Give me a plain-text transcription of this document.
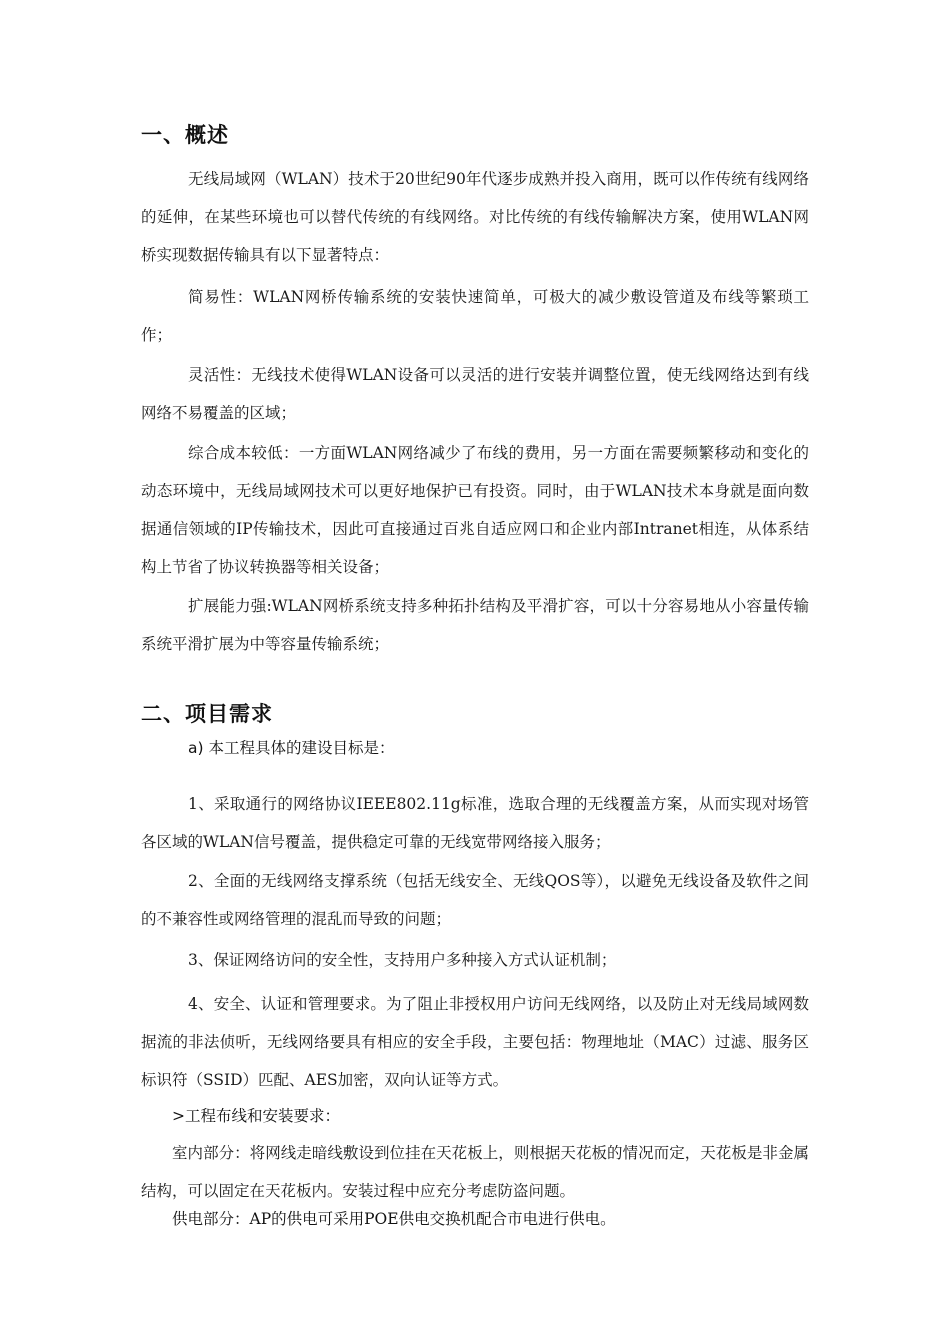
一、概述

无线局域网（WLAN）技术于20世纪90年代逐步成熟并投入商用，既可以作传统有线网络的延伸，在某些环境也可以替代传统的有线网络。对比传统的有线传输解决方案，使用WLAN网桥实现数据传输具有以下显著特点：

简易性：WLAN网桥传输系统的安装快速简单，可极大的减少敷设管道及布线等繁琐工作；

灵活性：无线技术使得WLAN设备可以灵活的进行安装并调整位置，使无线网络达到有线网络不易覆盖的区域；

综合成本较低：一方面WLAN网络减少了布线的费用，另一方面在需要频繁移动和变化的动态环境中，无线局域网技术可以更好地保护已有投资。同时，由于WLAN技术本身就是面向数据通信领域的IP传输技术，因此可直接通过百兆自适应网口和企业内部Intranet相连，从体系结构上节省了协议转换器等相关设备；

扩展能力强:WLAN网桥系统支持多种拓扑结构及平滑扩容，可以十分容易地从小容量传输系统平滑扩展为中等容量传输系统；

二、项目需求

a) 本工程具体的建设目标是：

1、采取通行的网络协议IEEE802.11g标准，选取合理的无线覆盖方案，从而实现对场管各区域的WLAN信号覆盖，提供稳定可靠的无线宽带网络接入服务；

2、全面的无线网络支撑系统（包括无线安全、无线QOS等），以避免无线设备及软件之间的不兼容性或网络管理的混乱而导致的问题；

3、保证网络访问的安全性，支持用户多种接入方式认证机制；

4、安全、认证和管理要求。为了阻止非授权用户访问无线网络，以及防止对无线局域网数据流的非法侦听，无线网络要具有相应的安全手段，主要包括：物理地址（MAC）过滤、服务区标识符（SSID）匹配、AES加密，双向认证等方式。

>工程布线和安装要求：

室内部分：将网线走暗线敷设到位挂在天花板上，则根据天花板的情况而定，天花板是非金属结构，可以固定在天花板内。安装过程中应充分考虑防盗问题。

供电部分：AP的供电可采用POE供电交换机配合市电进行供电。
